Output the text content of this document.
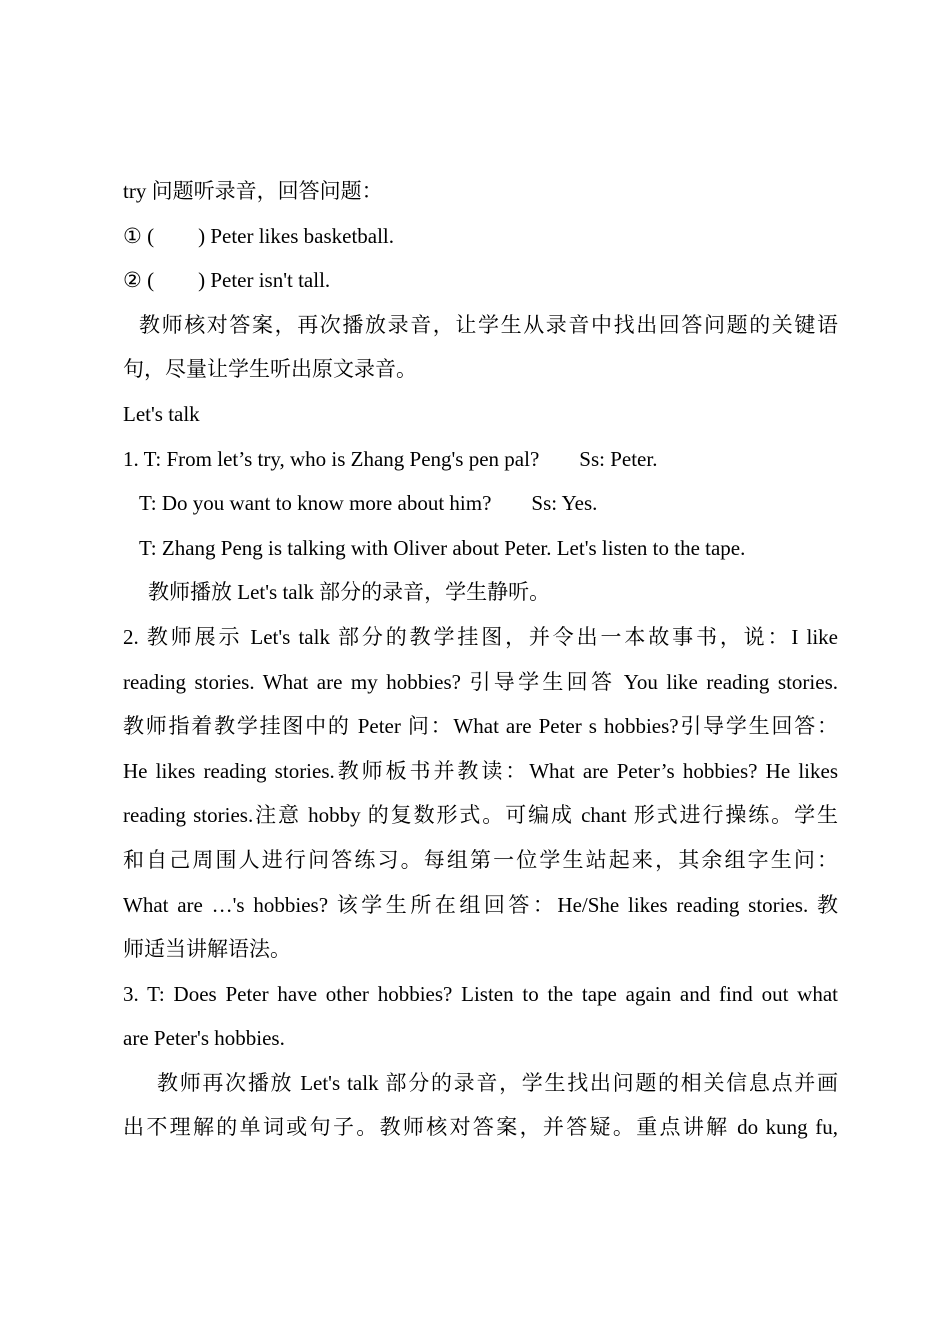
try 问题听录音，回答问题：
① ( ) Peter likes basketball.
② ( ) Peter isn't tall.
教师核对答案，再次播放录音，让学生从录音中找出回答问题的关键语
句，尽量让学生听出原文录音。
Let's talk
1. T: From let’s try, who is Zhang Peng's pen pal? Ss: Peter.
T: Do you want to know more about him? Ss: Yes.
T: Zhang Peng is talking with Oliver about Peter. Let's listen to the tape.
教师播放 Let's talk 部分的录音，学生静听。
2. 教师展示 Let's talk 部分的教学挂图，并令出一本故事书，说：I like
reading stories. What are my hobbies? 引导学生回答 You like reading stories.
教师指着教学挂图中的 Peter 问：What are Peter s hobbies?引导学生回答：
He likes reading stories.教师板书并教读：What are Peter’s hobbies? He likes
reading stories.注意 hobby 的复数形式。可编成 chant 形式进行操练。学生
和自己周围人进行问答练习。每组第一位学生站起来，其余组字生问：
What are …'s hobbies? 该学生所在组回答：He/She likes reading stories. 教
师适当讲解语法。
3. T: Does Peter have other hobbies? Listen to the tape again and find out what
are Peter's hobbies.
教师再次播放 Let's talk 部分的录音，学生找出问题的相关信息点并画
出不理解的单词或句子。教师核对答案，并答疑。重点讲解 do kung fu,
